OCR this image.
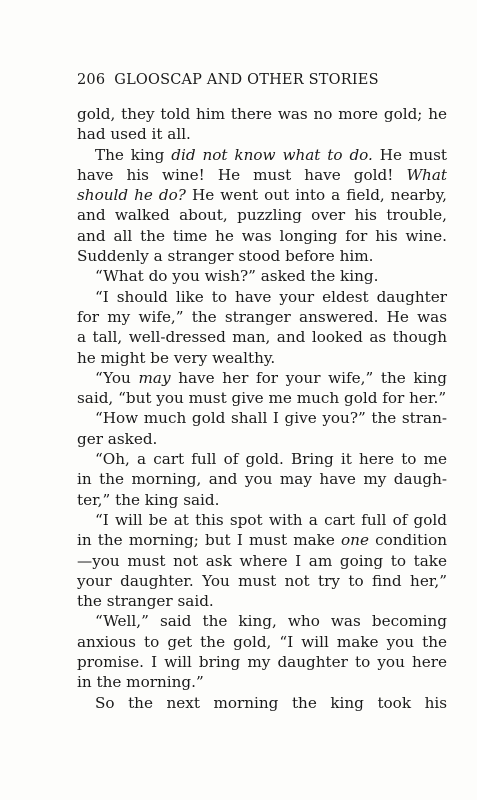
206 GLOOSCAP AND OTHER STORIES
gold, they told him there was no more gold; he
had used it all.
The king did not know what to do. He must
have his wine! He must have gold! What
should he do? He went out into a field, nearby,
and walked about, puzzling over his trouble,
and all the time he was longing for his wine.
Suddenly a stranger stood before him.
“What do you wish?” asked the king.
“I should like to have your eldest daughter
for my wife,” the stranger answered. He was
a tall, well-dressed man, and looked as though
he might be very wealthy.
“You may have her for your wife,” the king
said, “but you must give me much gold for her.”
“How much gold shall I give you?” the stran-
ger asked.
“Oh, a cart full of gold. Bring it here to me
in the morning, and you may have my daugh-
ter,” the king said.
“I will be at this spot with a cart full of gold
in the morning; but I must make one condition
—you must not ask where I am going to take
your daughter. You must not try to find her,”
the stranger said.
“Well,” said the king, who was becoming
anxious to get the gold, “I will make you the
promise. I will bring my daughter to you here
in the morning.”
So the next morning the king took his
